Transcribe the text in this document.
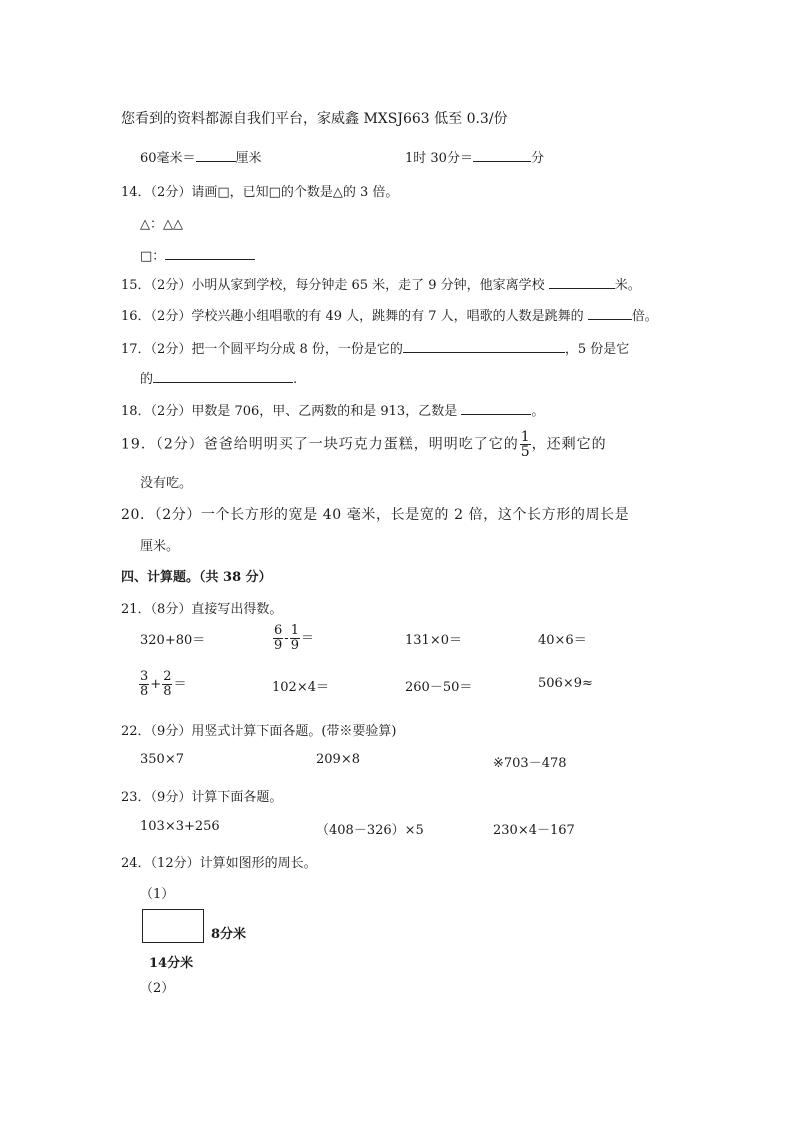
您看到的资料都源自我们平台，家威鑫 MXSJ663 低至 0.3/份
60毫米＝	厘米	1时 30分＝	分
14．（2分）请画□，已知□的个数是△的 3 倍。
△：△△
□：
15．（2分）小明从家到学校，每分钟走 65 米，走了 9 分钟，他家离学校	米。
16．（2分）学校兴趣小组唱歌的有 49 人，跳舞的有 7 人，唱歌的人数是跳舞的	倍。
17．（2分）把一个圆平均分成 8 份，一份是它的	，5 份是它
的	.
18．（2分）甲数是 706，甲、乙两数的和是 913，乙数是	。
19．（2分）爸爸给明明买了一块巧克力蛋糕，明明吃了它的 $\frac{1}{5}$ ，还剩它的
没有吃。
20．（2分）一个长方形的宽是 40 毫米，长是宽的 2 倍，这个长方形的周长是
厘米。
四、计算题。（共 38 分）
21．（8分）直接写出得数。
320+80＝	$\frac{6}{9} - \frac{1}{9}$ ＝	131×0＝	40×6＝
$\frac{3}{8} + \frac{2}{8}$ ＝	102×4＝	260－50＝	506×9≈
22．（9分）用竖式计算下面各题。(带※要验算)
350×7	209×8	※703－478
23．（9分）计算下面各题。
103×3+256	（408－326）×5	230×4－167
24．（12分）计算如图形的周长。
（1）
8分米
14分米
（2）
